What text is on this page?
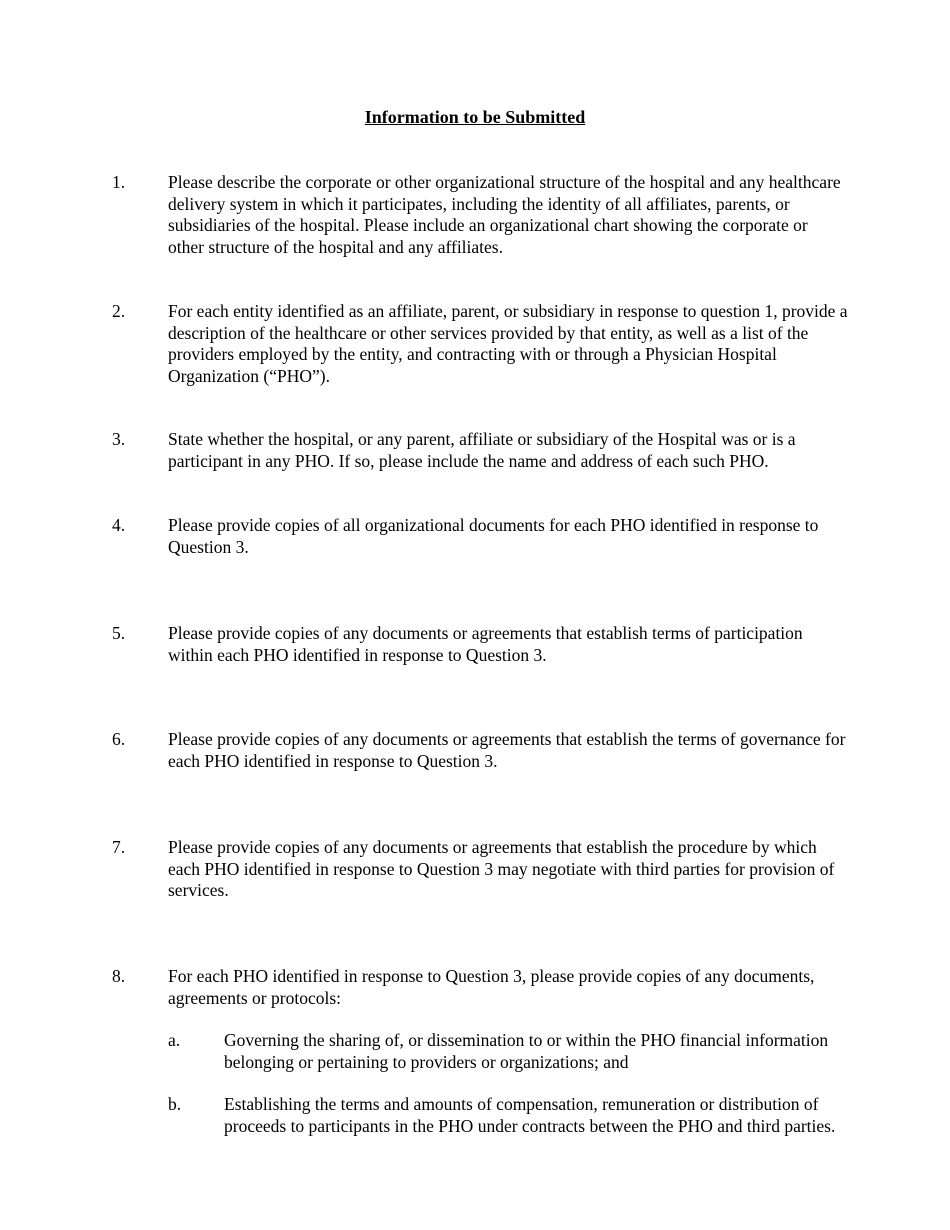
Information to be Submitted
1. Please describe the corporate or other organizational structure of the hospital and any healthcare delivery system in which it participates, including the identity of all affiliates, parents, or subsidiaries of the hospital. Please include an organizational chart showing the corporate or other structure of the hospital and any affiliates.
2. For each entity identified as an affiliate, parent, or subsidiary in response to question 1, provide a description of the healthcare or other services provided by that entity, as well as a list of the providers employed by the entity, and contracting with or through a Physician Hospital Organization (“PHO”).
3. State whether the hospital, or any parent, affiliate or subsidiary of the Hospital was or is a participant in any PHO. If so, please include the name and address of each such PHO.
4. Please provide copies of all organizational documents for each PHO identified in response to Question 3.
5. Please provide copies of any documents or agreements that establish terms of participation within each PHO identified in response to Question 3.
6. Please provide copies of any documents or agreements that establish the terms of governance for each PHO identified in response to Question 3.
7. Please provide copies of any documents or agreements that establish the procedure by which each PHO identified in response to Question 3 may negotiate with third parties for provision of services.
8. For each PHO identified in response to Question 3, please provide copies of any documents, agreements or protocols:
a.	Governing the sharing of, or dissemination to or within the PHO financial information belonging or pertaining to providers or organizations; and
b. Establishing the terms and amounts of compensation, remuneration or distribution of proceeds to participants in the PHO under contracts between the PHO and third parties.
